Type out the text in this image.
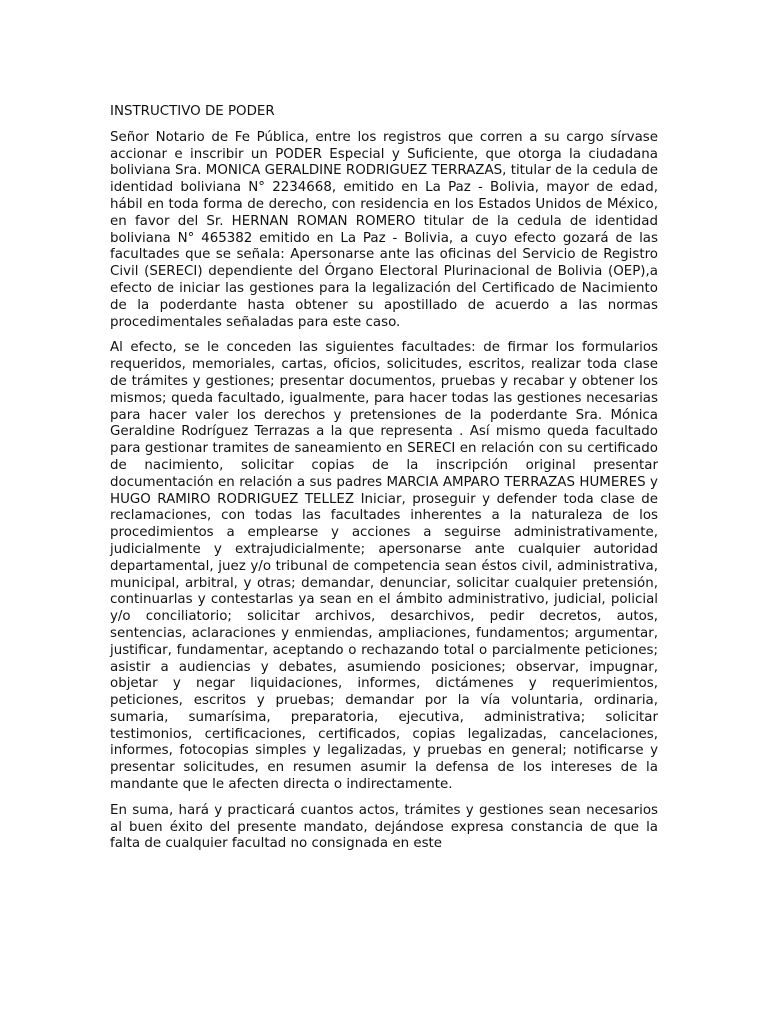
INSTRUCTIVO DE PODER

Señor Notario de Fe Pública, entre los registros que corren a su cargo sírvase accionar e inscribir un PODER Especial y Suficiente, que otorga la ciudadana boliviana Sra. MONICA GERALDINE RODRIGUEZ TERRAZAS, titular de la cedula de identidad boliviana N° 2234668, emitido en La Paz - Bolivia, mayor de edad, hábil en toda forma de derecho, con residencia en los Estados Unidos de México, en favor del Sr. HERNAN ROMAN ROMERO titular de la cedula de identidad boliviana N° 465382 emitido en La Paz - Bolivia, a cuyo efecto gozará de las facultades que se señala: Apersonarse ante las oficinas del Servicio de Registro Civil (SERECI) dependiente del Órgano Electoral Plurinacional de Bolivia (OEP),a efecto de iniciar las gestiones para la legalización del Certificado de Nacimiento de la poderdante hasta obtener su apostillado de acuerdo a las normas procedimentales señaladas para este caso.

Al efecto, se le conceden las siguientes facultades: de firmar los formularios requeridos, memoriales, cartas, oficios, solicitudes, escritos, realizar toda clase de trámites y gestiones; presentar documentos, pruebas y recabar y obtener los mismos; queda facultado, igualmente, para hacer todas las gestiones necesarias para hacer valer los derechos y pretensiones de la poderdante Sra. Mónica Geraldine Rodríguez Terrazas a la que representa . Así mismo queda facultado para gestionar tramites de saneamiento en SERECI en relación con su certificado de nacimiento, solicitar copias de la inscripción original presentar documentación en relación a sus padres MARCIA AMPARO TERRAZAS HUMERES y HUGO RAMIRO RODRIGUEZ TELLEZ Iniciar, proseguir y defender toda clase de reclamaciones, con todas las facultades inherentes a la naturaleza de los procedimientos a emplearse y acciones a seguirse administrativamente, judicialmente y extrajudicialmente; apersonarse ante cualquier autoridad departamental, juez y/o tribunal de competencia sean éstos civil, administrativa, municipal, arbitral, y otras; demandar, denunciar, solicitar cualquier pretensión, continuarlas y contestarlas ya sean en el ámbito administrativo, judicial, policial y/o conciliatorio; solicitar archivos, desarchivos, pedir decretos, autos, sentencias, aclaraciones y enmiendas, ampliaciones, fundamentos; argumentar, justificar, fundamentar, aceptando o rechazando total o parcialmente peticiones; asistir a audiencias y debates, asumiendo posiciones; observar, impugnar, objetar y negar liquidaciones, informes, dictámenes y requerimientos, peticiones, escritos y pruebas; demandar por la vía voluntaria, ordinaria, sumaria, sumarísima, preparatoria, ejecutiva, administrativa; solicitar testimonios, certificaciones, certificados, copias legalizadas, cancelaciones, informes, fotocopias simples y legalizadas, y pruebas en general; notificarse y presentar solicitudes, en resumen asumir la defensa de los intereses de la mandante que le afecten directa o indirectamente.

En suma, hará y practicará cuantos actos, trámites y gestiones sean necesarios al buen éxito del presente mandato, dejándose expresa constancia de que la falta de cualquier facultad no consignada en este
